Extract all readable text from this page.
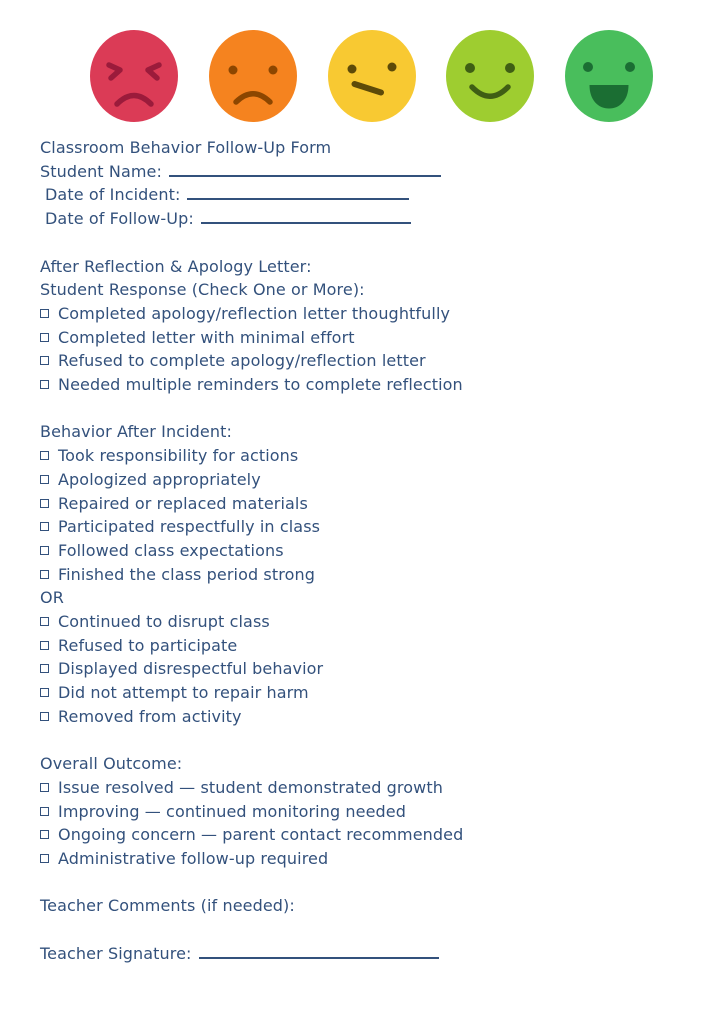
Classroom Behavior Follow-Up Form

Student Name:

Date of Incident:

Date of Follow-Up:

After Reflection & Apology Letter:

Student Response (Check One or More):

Completed apology/reflection letter thoughtfully

Completed letter with minimal effort

Refused to complete apology/reflection letter

Needed multiple reminders to complete reflection

Behavior After Incident:

Took responsibility for actions

Apologized appropriately

Repaired or replaced materials

Participated respectfully in class

Followed class expectations

Finished the class period strong

OR

Continued to disrupt class

Refused to participate

Displayed disrespectful behavior

Did not attempt to repair harm

Removed from activity

Overall Outcome:

Issue resolved — student demonstrated growth

Improving — continued monitoring needed

Ongoing concern — parent contact recommended

Administrative follow-up required

Teacher Comments (if needed):

Teacher Signature:
